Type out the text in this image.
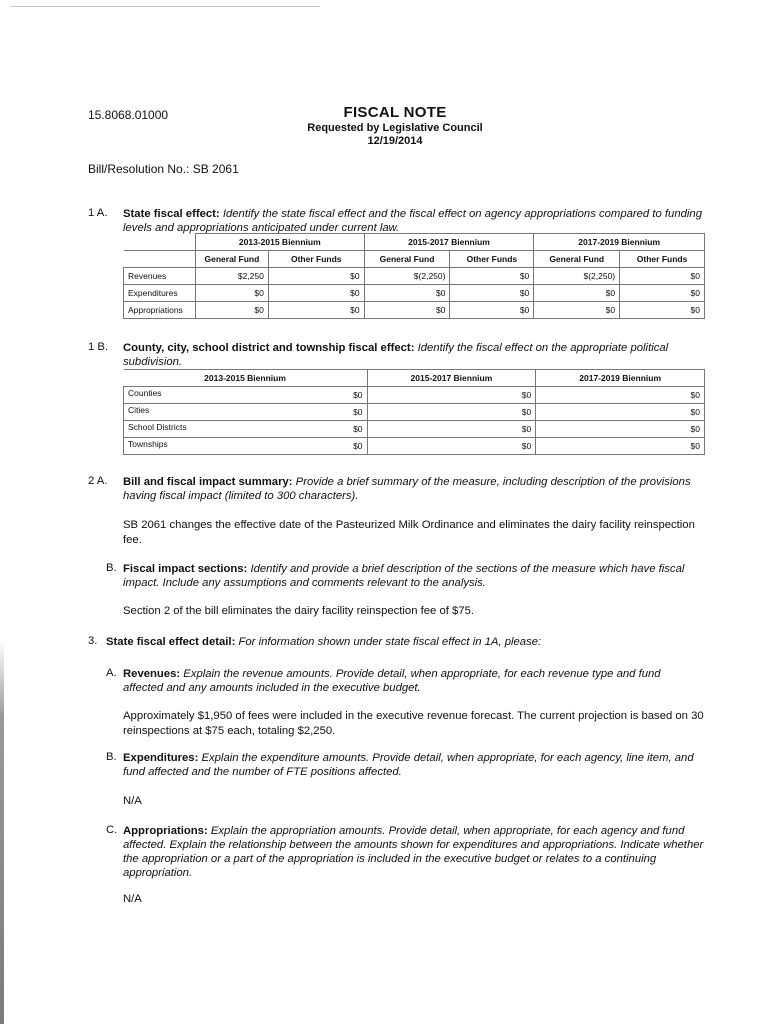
15.8068.01000	FISCAL NOTE
Requested by Legislative Council
12/19/2014
Bill/Resolution No.: SB 2061
1 A. State fiscal effect: Identify the state fiscal effect and the fiscal effect on agency appropriations compared to funding levels and appropriations anticipated under current law.
	2013-2015 Biennium		2015-2017 Biennium		2017-2019 Biennium	
	General Fund	Other Funds	General Fund	Other Funds	General Fund	Other Funds
Revenues	$2,250	$0	$(2,250)	$0	$(2,250)	$0
Expenditures	$0	$0	$0	$0	$0	$0
Appropriations	$0	$0	$0	$0	$0	$0
1 B. County, city, school district and township fiscal effect: Identify the fiscal effect on the appropriate political subdivision.
2013-2015 Biennium	2015-2017 Biennium	2017-2019 Biennium

Counties $0	$0	$0

Cities $0	$0	$0

School Districts $0	$0	$0

Townships $0	$0	$0
2 A. Bill and fiscal impact summary: Provide a brief summary of the measure, including description of the provisions having fiscal impact (limited to 300 characters).
SB 2061 changes the effective date of the Pasteurized Milk Ordinance and eliminates the dairy facility reinspection fee.
B. Fiscal impact sections: Identify and provide a brief description of the sections of the measure which have fiscal impact. Include any assumptions and comments relevant to the analysis.
Section 2 of the bill eliminates the dairy facility reinspection fee of $75.
3. State fiscal effect detail: For information shown under state fiscal effect in 1A, please:
A. Revenues: Explain the revenue amounts. Provide detail, when appropriate, for each revenue type and fund affected and any amounts included in the executive budget.
Approximately $1,950 of fees were included in the executive revenue forecast. The current projection is based on 30 reinspections at $75 each, totaling $2,250.
B. Expenditures: Explain the expenditure amounts. Provide detail, when appropriate, for each agency, line item, and fund affected and the number of FTE positions affected.
N/A
C. Appropriations: Explain the appropriation amounts. Provide detail, when appropriate, for each agency and fund affected. Explain the relationship between the amounts shown for expenditures and appropriations. Indicate whether the appropriation or a part of the appropriation is included in the executive budget or relates to a continuing appropriation.
N/A
